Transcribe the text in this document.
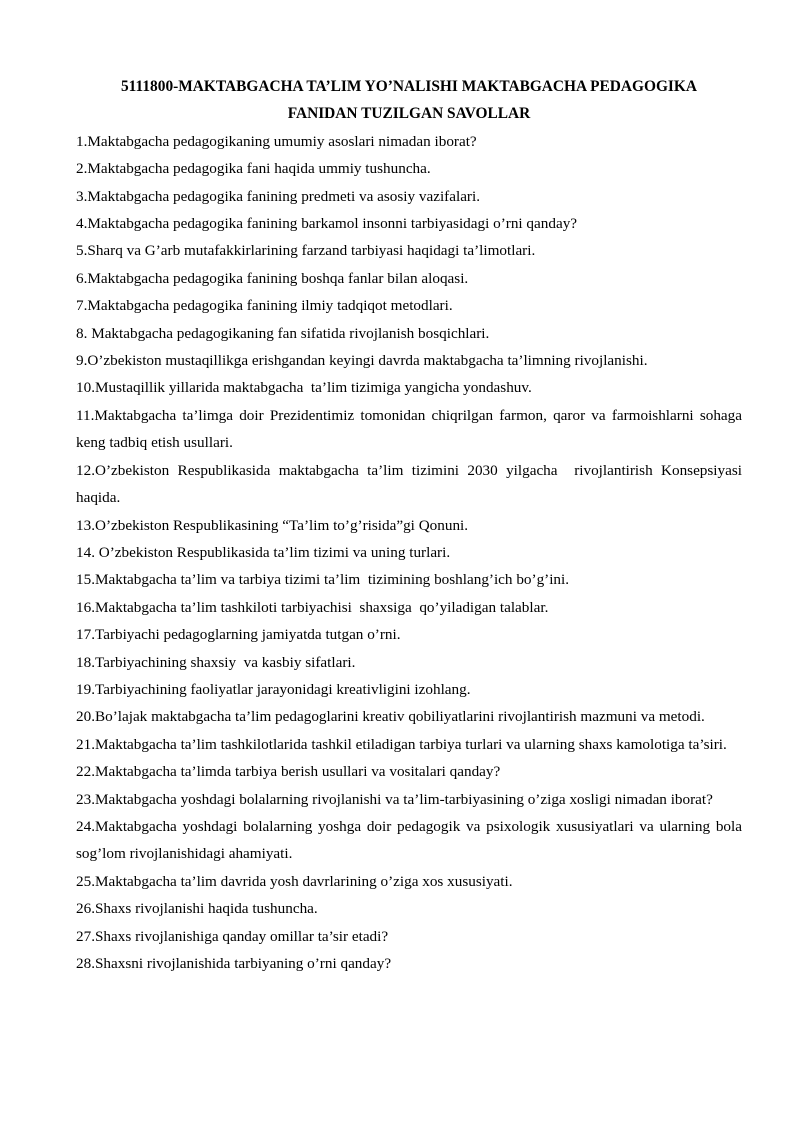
5111800-MAKTABGACHA TA’LIM YO’NALISHI MAKTABGACHA PEDAGOGIKA
FANIDAN TUZILGAN SAVOLLAR
1.Maktabgacha pedagogikaning umumiy asoslari nimadan iborat?
2.Maktabgacha pedagogika fani haqida ummiy tushuncha.
3.Maktabgacha pedagogika fanining predmeti va asosiy vazifalari.
4.Maktabgacha pedagogika fanining barkamol insonni tarbiyasidagi o’rni qanday?
5.Sharq va G’arb mutafakkirlarining farzand tarbiyasi haqidagi ta’limotlari.
6.Maktabgacha pedagogika fanining boshqa fanlar bilan aloqasi.
7.Maktabgacha pedagogika fanining ilmiy tadqiqot metodlari.
8. Maktabgacha pedagogikaning fan sifatida rivojlanish bosqichlari.
9.O’zbekiston mustaqillikga erishgandan keyingi davrda maktabgacha ta’limning rivojlanishi.
10.Mustaqillik yillarida maktabgacha  ta’lim tizimiga yangicha yondashuv.
11.Maktabgacha ta’limga doir Prezidentimiz tomonidan chiqrilgan farmon, qaror va farmoishlarni sohaga keng tadbiq etish usullari.
12.O’zbekiston Respublikasida maktabgacha ta’lim tizimini 2030 yilgacha  rivojlantirish Konsepsiyasi haqida.
13.O’zbekiston Respublikasining “Ta’lim to’g’risida”gi Qonuni.
14. O’zbekiston Respublikasida ta’lim tizimi va uning turlari.
15.Maktabgacha ta’lim va tarbiya tizimi ta’lim  tizimining boshlang’ich bo’g’ini.
16.Maktabgacha ta’lim tashkiloti tarbiyachisi  shaxsiga  qo’yiladigan talablar.
17.Tarbiyachi pedagoglarning jamiyatda tutgan o’rni.
18.Tarbiyachining shaxsiy  va kasbiy sifatlari.
19.Tarbiyachining faoliyatlar jarayonidagi kreativligini izohlang.
20.Bo’lajak maktabgacha ta’lim pedagoglarini kreativ qobiliyatlarini rivojlantirish mazmuni va metodi.
21.Maktabgacha ta’lim tashkilotlarida tashkil etiladigan tarbiya turlari va ularning shaxs kamolotiga ta’siri.
22.Maktabgacha ta’limda tarbiya berish usullari va vositalari qanday?
23.Maktabgacha yoshdagi bolalarning rivojlanishi va ta’lim-tarbiyasining o’ziga xosligi nimadan iborat?
24.Maktabgacha yoshdagi bolalarning yoshga doir pedagogik va psixologik xususiyatlari va ularning bola sog’lom rivojlanishidagi ahamiyati.
25.Maktabgacha ta’lim davrida yosh davrlarining o’ziga xos xususiyati.
26.Shaxs rivojlanishi haqida tushuncha.
27.Shaxs rivojlanishiga qanday omillar ta’sir etadi?
28.Shaxsni rivojlanishida tarbiyaning o’rni qanday?
